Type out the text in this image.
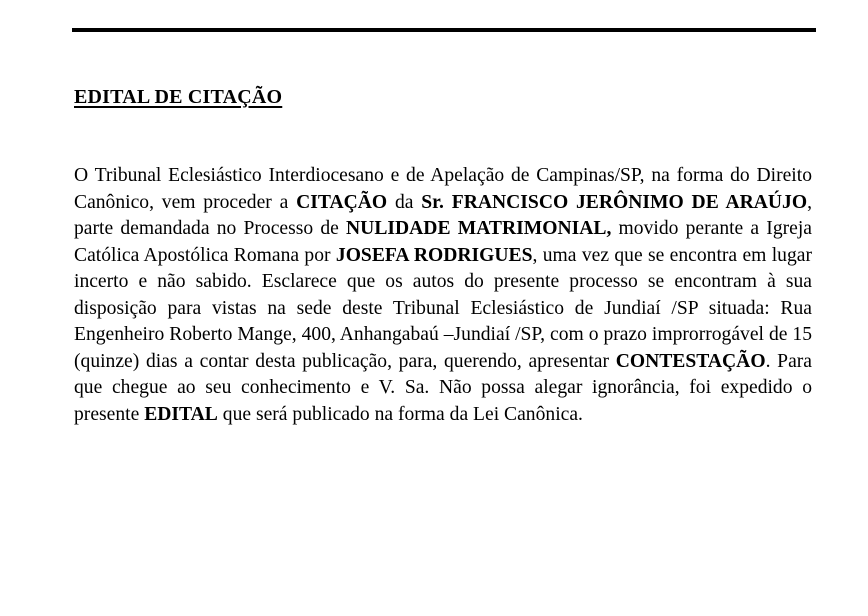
EDITAL DE CITAÇÃO

O Tribunal Eclesiástico Interdiocesano e de Apelação de Campinas/SP, na forma do Direito Canônico, vem proceder a CITAÇÃO da Sr. FRANCISCO JERÔNIMO DE ARAÚJO, parte demandada no Processo de NULIDADE MATRIMONIAL, movido perante a Igreja Católica Apostólica Romana por JOSEFA RODRIGUES, uma vez que se encontra em lugar incerto e não sabido. Esclarece que os autos do presente processo se encontram à sua disposição para vistas na sede deste Tribunal Eclesiástico de Jundiaí /SP situada: Rua Engenheiro Roberto Mange, 400, Anhangabaú –Jundiaí /SP, com o prazo improrrogável de 15 (quinze) dias a contar desta publicação, para, querendo, apresentar CONTESTAÇÃO. Para que chegue ao seu conhecimento e V. Sa. Não possa alegar ignorância, foi expedido o presente EDITAL que será publicado na forma da Lei Canônica.
